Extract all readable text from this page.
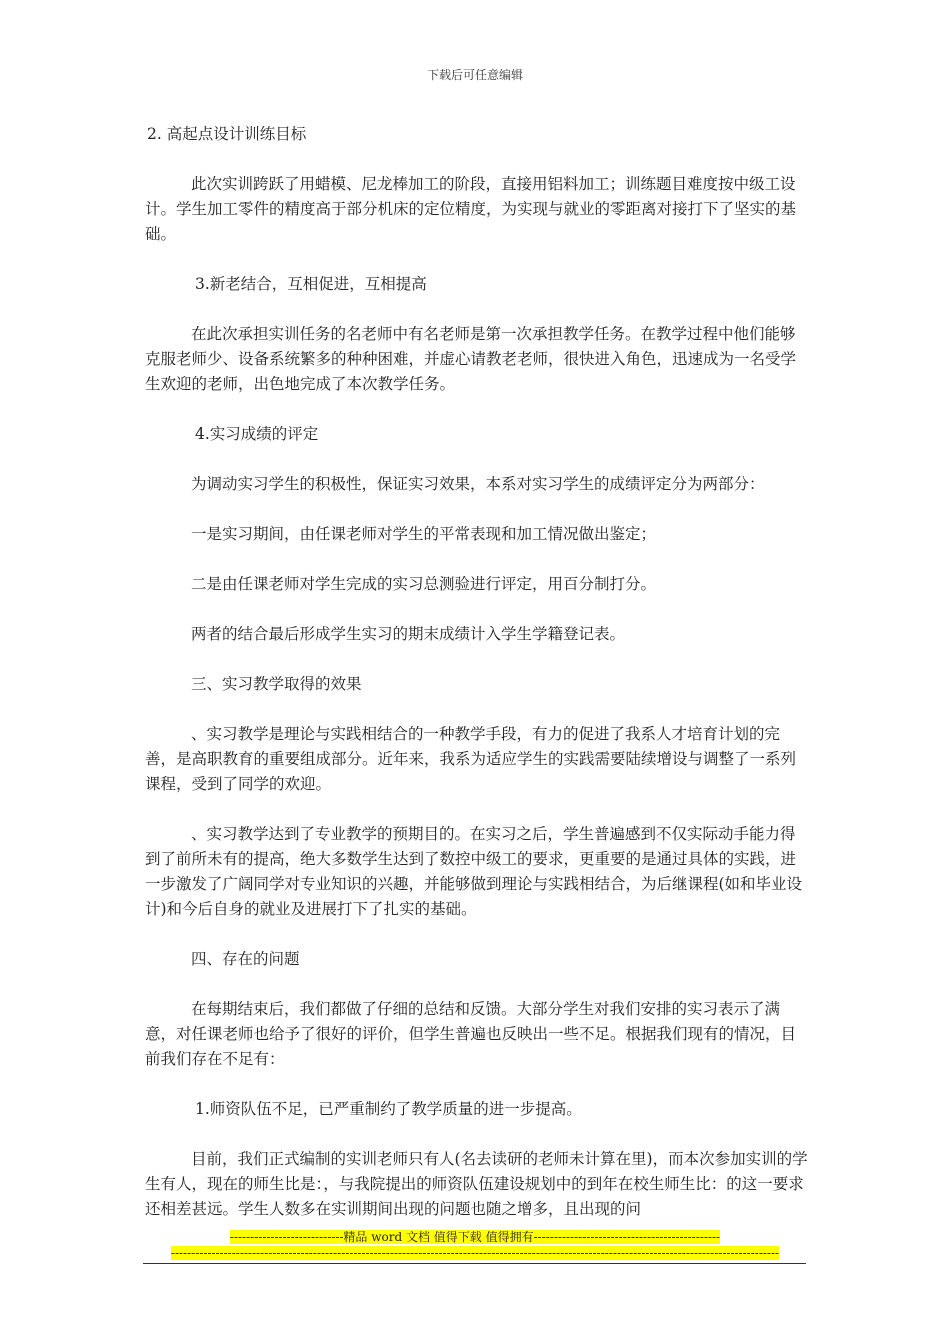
下载后可任意编辑

2. 高起点设计训练目标

此次实训跨跃了用蜡模、尼龙棒加工的阶段，直接用铝料加工；训练题目难度按中级工设计。学生加工零件的精度高于部分机床的定位精度，为实现与就业的零距离对接打下了坚实的基础。

3.新老结合，互相促进，互相提高

在此次承担实训任务的名老师中有名老师是第一次承担教学任务。在教学过程中他们能够克服老师少、设备系统繁多的种种困难，并虚心请教老老师，很快进入角色，迅速成为一名受学生欢迎的老师，出色地完成了本次教学任务。

4.实习成绩的评定

为调动实习学生的积极性，保证实习效果，本系对实习学生的成绩评定分为两部分：

一是实习期间，由任课老师对学生的平常表现和加工情况做出鉴定；

二是由任课老师对学生完成的实习总测验进行评定，用百分制打分。

两者的结合最后形成学生实习的期末成绩计入学生学籍登记表。

三、实习教学取得的效果

、实习教学是理论与实践相结合的一种教学手段，有力的促进了我系人才培育计划的完善，是高职教育的重要组成部分。近年来，我系为适应学生的实践需要陆续增设与调整了一系列课程，受到了同学的欢迎。

、实习教学达到了专业教学的预期目的。在实习之后，学生普遍感到不仅实际动手能力得到了前所未有的提高，绝大多数学生达到了数控中级工的要求，更重要的是通过具体的实践，进一步激发了广阔同学对专业知识的兴趣，并能够做到理论与实践相结合，为后继课程(如和毕业设计)和今后自身的就业及进展打下了扎实的基础。

四、存在的问题

在每期结束后，我们都做了仔细的总结和反馈。大部分学生对我们安排的实习表示了满意，对任课老师也给予了很好的评价，但学生普遍也反映出一些不足。根据我们现有的情况，目前我们存在不足有：

1.师资队伍不足，已严重制约了教学质量的进一步提高。

目前，我们正式编制的实训老师只有人(名去读研的老师未计算在里)，而本次参加实训的学生有人，现在的师生比是：，与我院提出的师资队伍建设规划中的到年在校生师生比：的这一要求还相差甚远。学生人数多在实训期间出现的问题也随之增多，且出现的问

----------------------------精品 word 文档 值得下载 值得拥有----------------------------------------------
------------------------------------------------------------------------------------------------------------------------------------------------------
